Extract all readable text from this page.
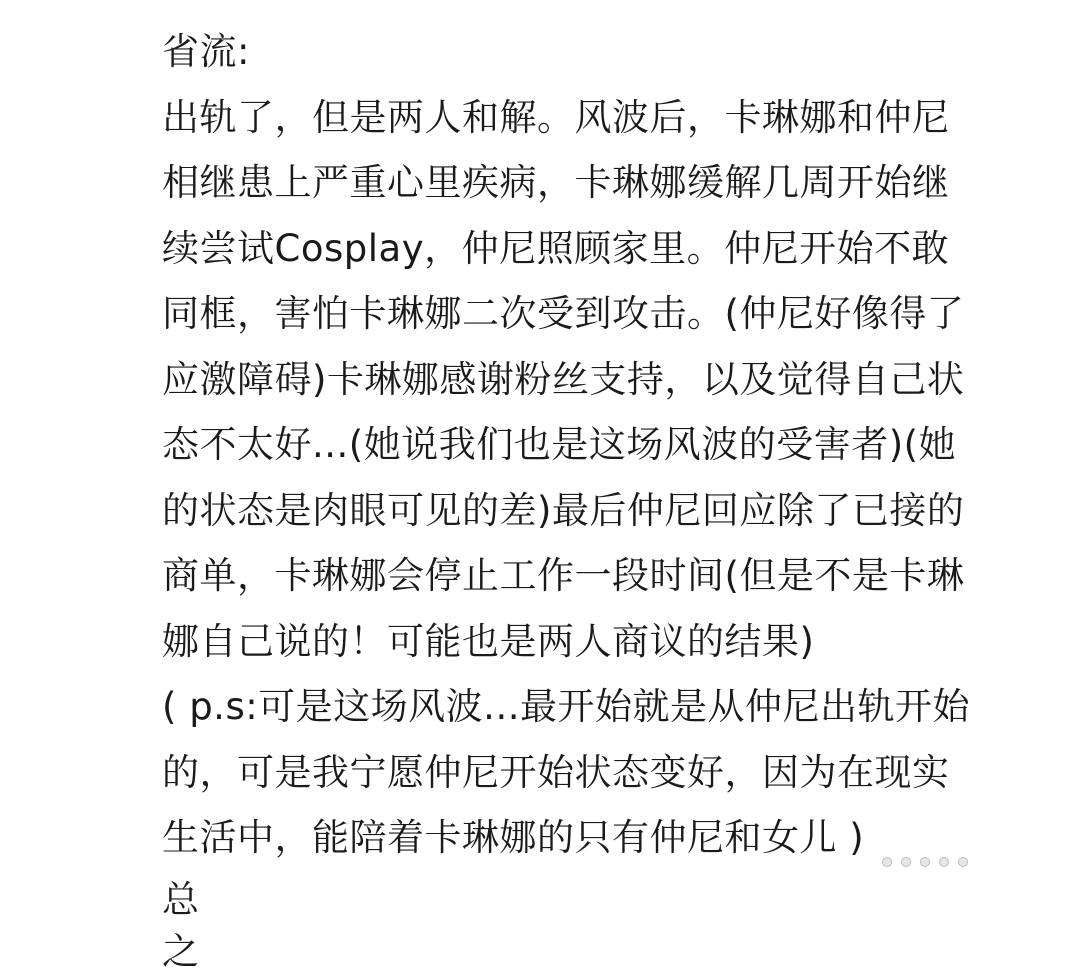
省流:
出轨了，但是两人和解。风波后，卡琳娜和仲尼
相继患上严重心里疾病，卡琳娜缓解几周开始继
续尝试Cosplay，仲尼照顾家里。仲尼开始不敢
同框，害怕卡琳娜二次受到攻击。(仲尼好像得了
应激障碍)卡琳娜感谢粉丝支持，以及觉得自己状
态不太好...(她说我们也是这场风波的受害者)(她
的状态是肉眼可见的差)最后仲尼回应除了已接的
商单，卡琳娜会停止工作一段时间(但是不是卡琳
娜自己说的！可能也是两人商议的结果)
( p.s:可是这场风波...最开始就是从仲尼出轨开始
的，可是我宁愿仲尼开始状态变好，因为在现实
生活中，能陪着卡琳娜的只有仲尼和女儿 )
总之
